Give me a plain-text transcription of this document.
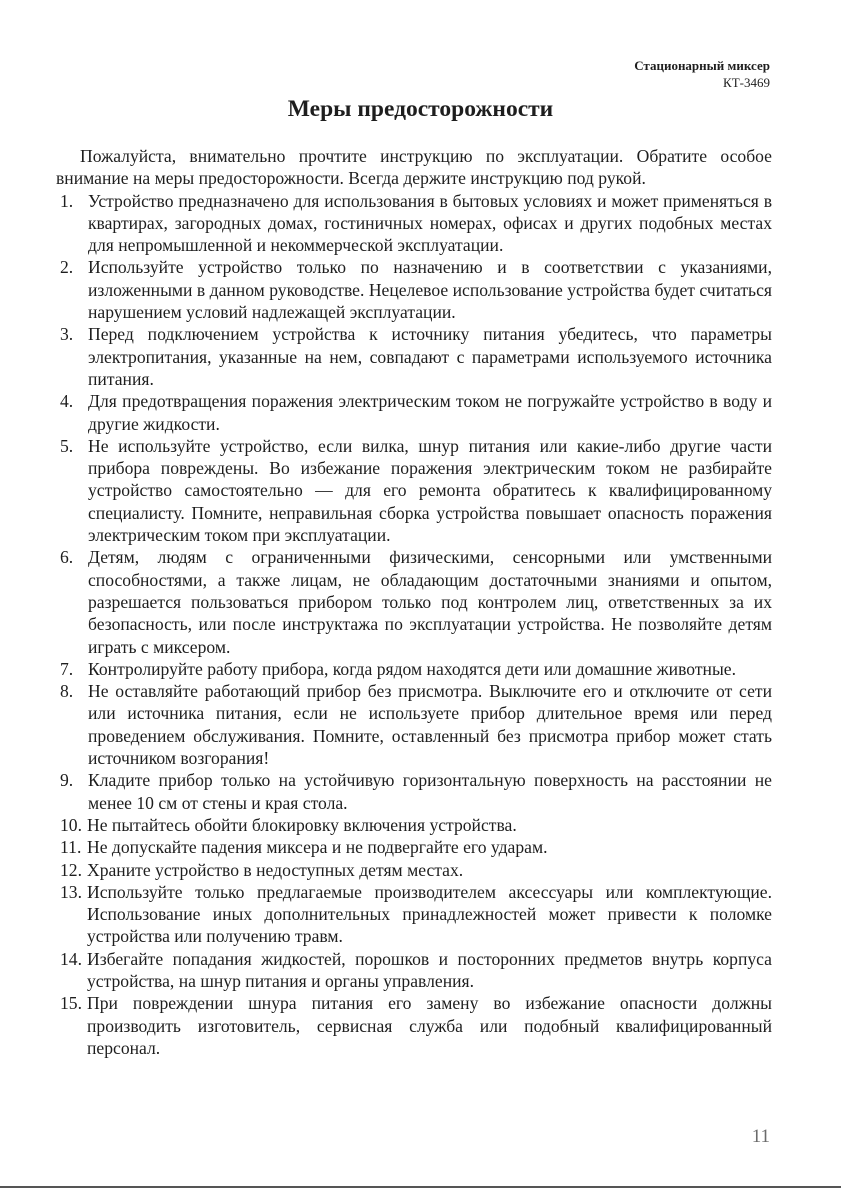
Стационарный миксер
КТ-3469
Меры предосторожности

Пожалуйста, внимательно прочтите инструкцию по эксплуатации. Обратите особое внимание на меры предосторожности. Всегда держите инструкцию под рукой.

1. Устройство предназначено для использования в бытовых условиях и может применяться в квартирах, загородных домах, гостиничных номерах, офисах и других подобных местах для непромышленной и некоммерческой эксплуатации.
2. Используйте устройство только по назначению и в соответствии с указаниями, изложенными в данном руководстве. Нецелевое использование устройства будет считаться нарушением условий надлежащей эксплуатации.
3. Перед подключением устройства к источнику питания убедитесь, что параметры электропитания, указанные на нем, совпадают с параметрами используемого источника питания.
4. Для предотвращения поражения электрическим током не погружайте устройство в воду и другие жидкости.
5. Не используйте устройство, если вилка, шнур питания или какие-либо другие части прибора повреждены. Во избежание поражения электрическим током не разбирайте устройство самостоятельно — для его ремонта обратитесь к квалифицированному специалисту. Помните, неправильная сборка устройства повышает опасность поражения электрическим током при эксплуатации.
6. Детям, людям с ограниченными физическими, сенсорными или умственными способностями, а также лицам, не обладающим достаточными знаниями и опытом, разрешается пользоваться прибором только под контролем лиц, ответственных за их безопасность, или после инструктажа по эксплуатации устройства. Не позволяйте детям играть с миксером.
7. Контролируйте работу прибора, когда рядом находятся дети или домашние животные.
8. Не оставляйте работающий прибор без присмотра. Выключите его и отключите от сети или источника питания, если не используете прибор длительное время или перед проведением обслуживания. Помните, оставленный без присмотра прибор может стать источником возгорания!
9. Кладите прибор только на устойчивую горизонтальную поверхность на расстоянии не менее 10 см от стены и края стола.
10. Не пытайтесь обойти блокировку включения устройства.
11. Не допускайте падения миксера и не подвергайте его ударам.
12. Храните устройство в недоступных детям местах.
13. Используйте только предлагаемые производителем аксессуары или комплектующие. Использование иных дополнительных принадлежностей может привести к поломке устройства или получению травм.
14. Избегайте попадания жидкостей, порошков и посторонних предметов внутрь корпуса устройства, на шнур питания и органы управления.
15. При повреждении шнура питания его замену во избежание опасности должны производить изготовитель, сервисная служба или подобный квалифицированный персонал.
11
